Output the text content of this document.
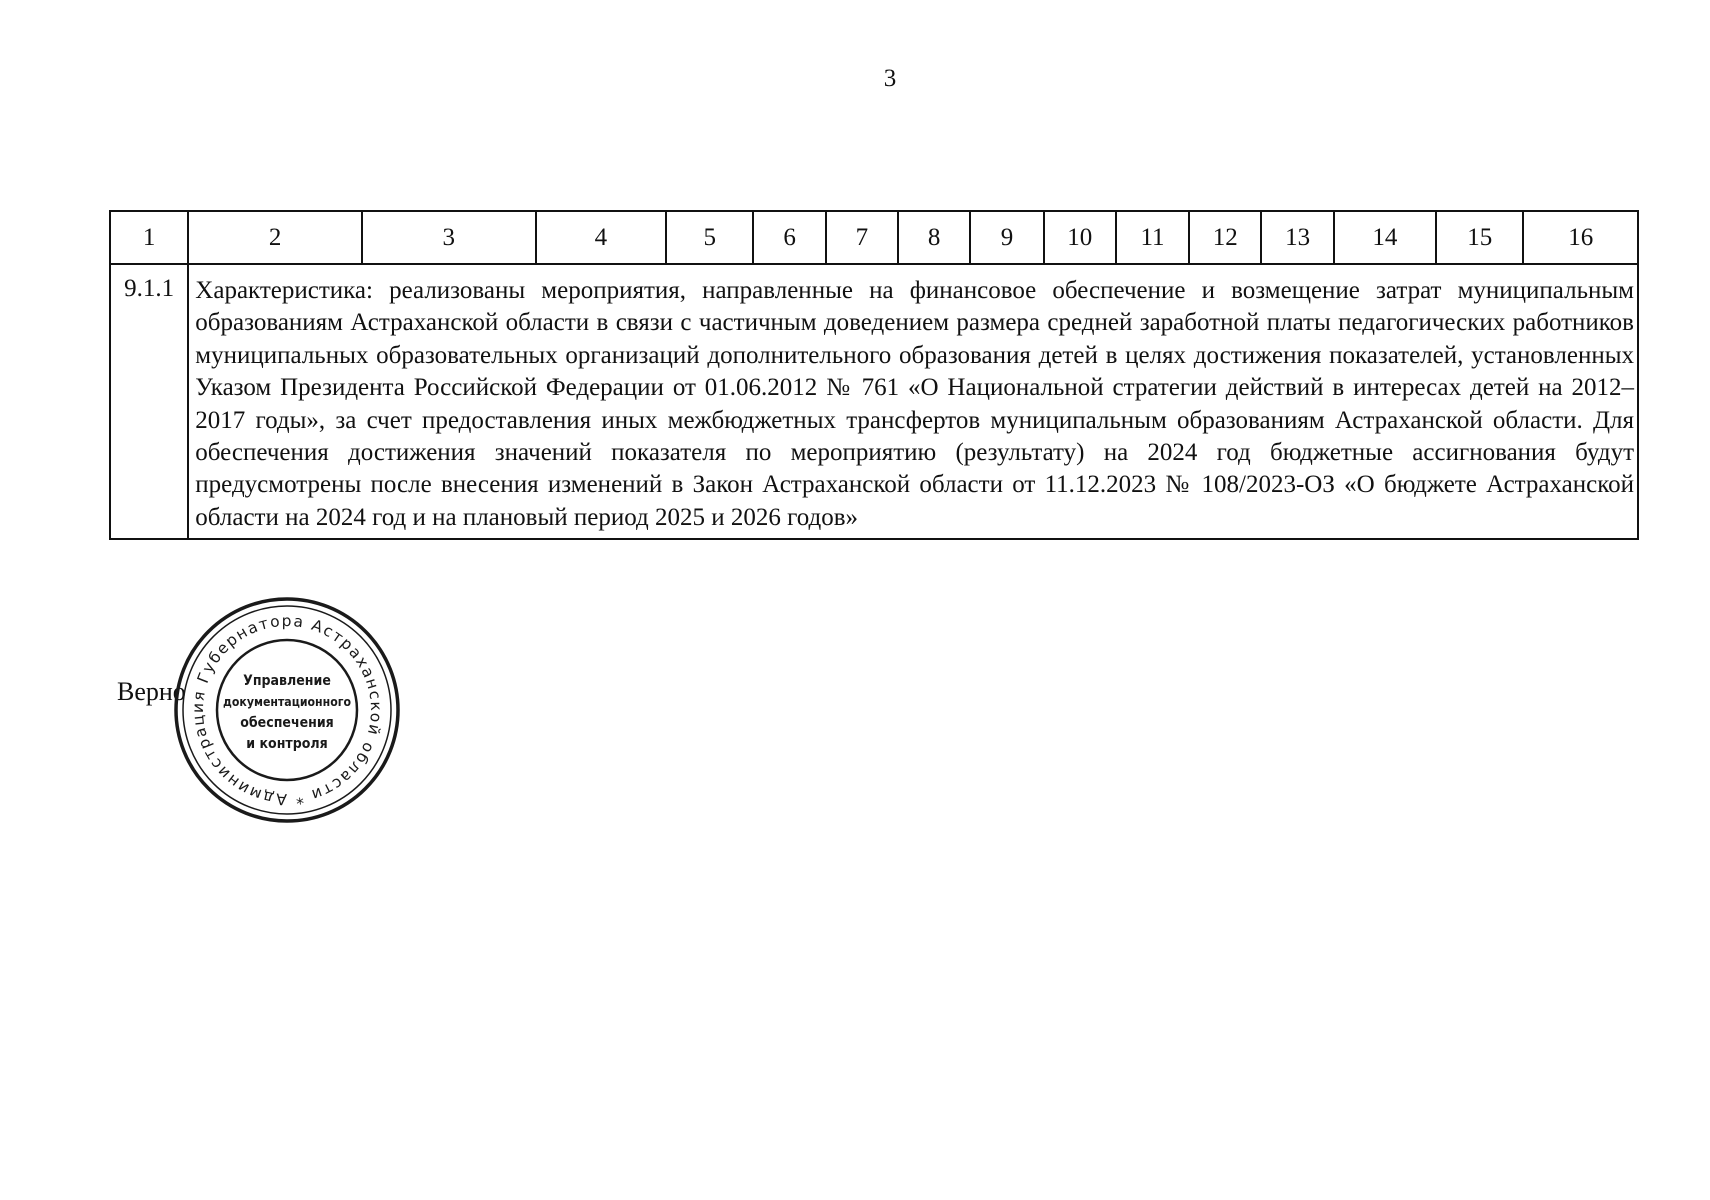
3
1	2	3	4	5	6	7	8	9	10	11	12	13	14	15	16
9.1.1	Характеристика: реализованы мероприятия, направленные на финансовое обеспечение и возмещение затрат муниципальным образованиям Астраханской области в связи с частичным доведением размера средней заработной платы педагогических работников муниципальных образовательных организаций дополнительного образования детей в целях достижения показателей, установленных Указом Президента Российской Федерации от 01.06.2012 № 761 «О Национальной стратегии действий в интересах детей на 2012–2017 годы», за счет предоставления иных межбюджетных трансфертов муниципальным образованиям Астраханской области. Для обеспечения достижения значений показателя по мероприятию (результату) на 2024 год бюджетные ассигнования будут предусмотрены после внесения изменений в Закон Астраханской области от 11.12.2023 № 108/2023-ОЗ «О бюджете Астраханской области на 2024 год и на плановый период 2025 и 2026 годов»														
Верно
Администрация Губернатора Астраханской области *
Управление
документационного
обеспечения
и контроля
